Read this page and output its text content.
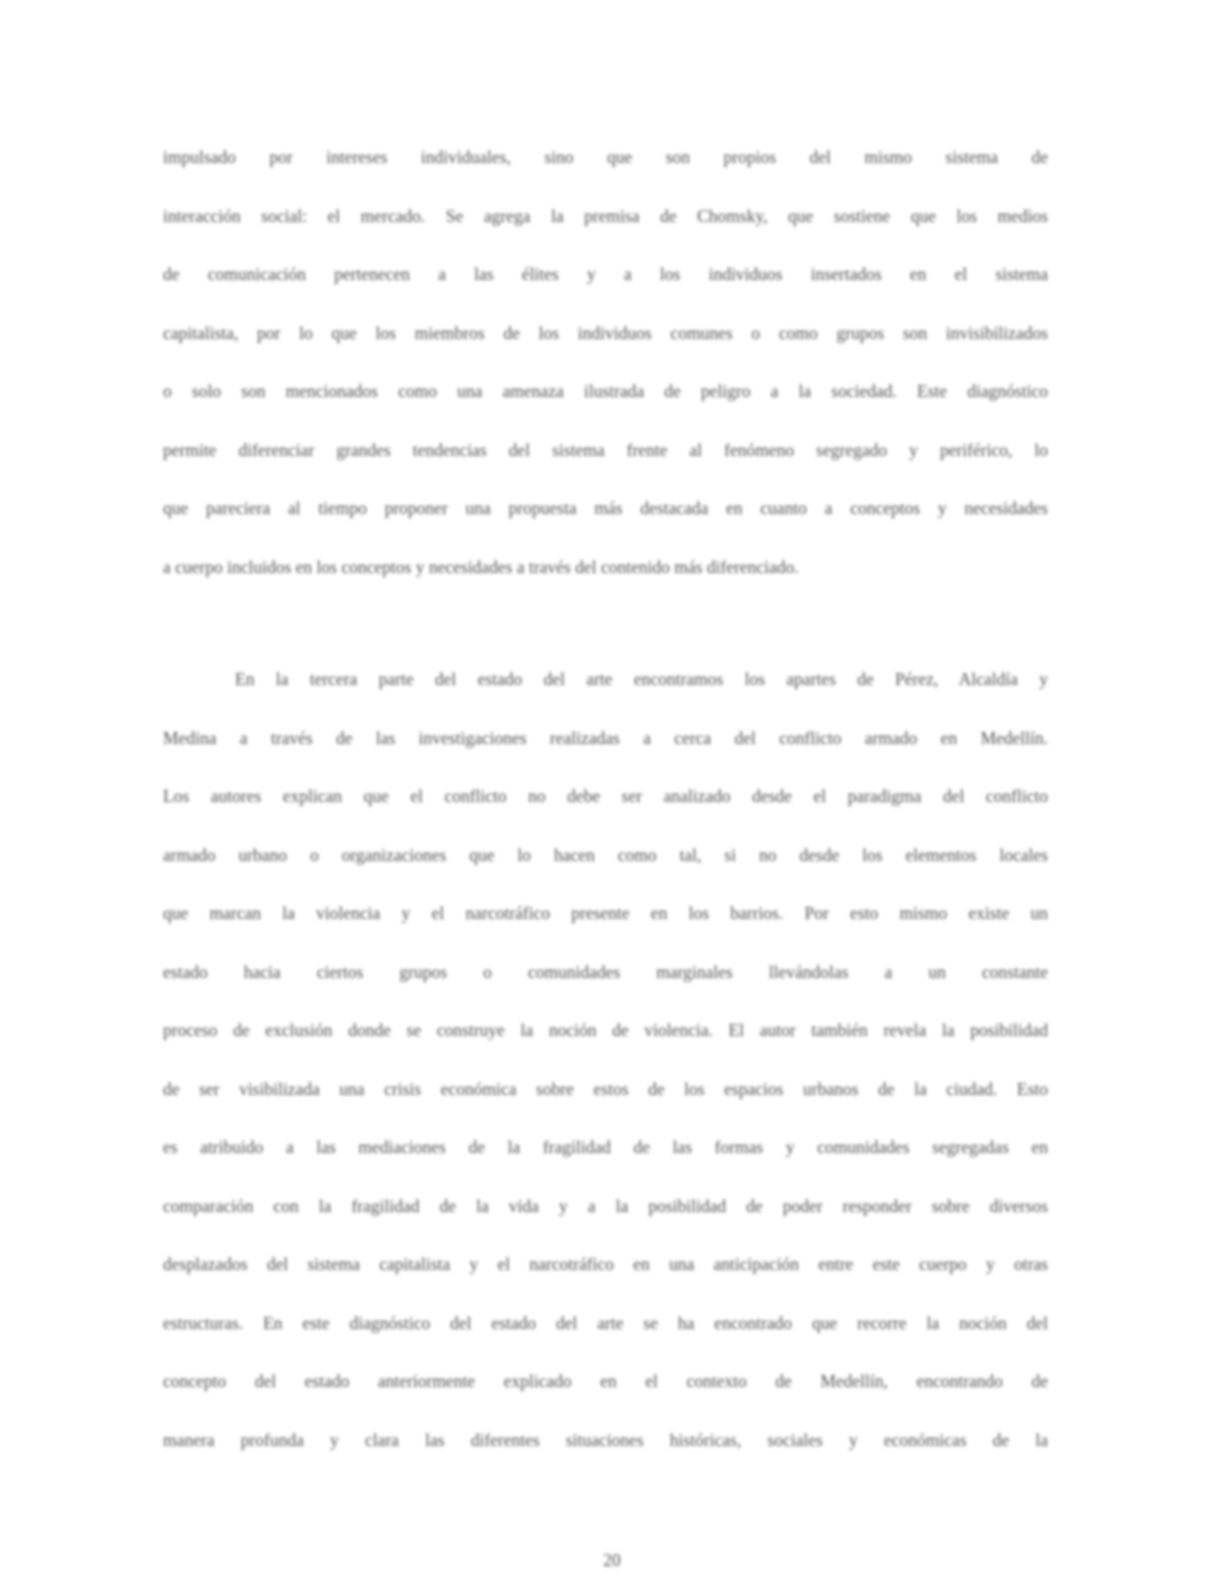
impulsado por intereses individuales, sino que son propios del mismo sistema de
interacción social: el mercado. Se agrega la premisa de Chomsky, que sostiene que los medios
de comunicación pertenecen a las élites y a los individuos insertados en el sistema
capitalista, por lo que los miembros de los individuos comunes o como grupos son invisibilizados
o solo son mencionados como una amenaza ilustrada de peligro a la sociedad. Este diagnóstico
permite diferenciar grandes tendencias del sistema frente al fenómeno segregado y periférico, lo
que pareciera al tiempo proponer una propuesta más destacada en cuanto a conceptos y necesidades
a cuerpo incluidos en los conceptos y necesidades a través del contenido más diferenciado.
En la tercera parte del estado del arte encontramos los apartes de Pérez, Alcaldía y
Medina a través de las investigaciones realizadas a cerca del conflicto armado en Medellín.
Los autores explican que el conflicto no debe ser analizado desde el paradigma del conflicto
armado urbano o organizaciones que lo hacen como tal, si no desde los elementos locales
que marcan la violencia y el narcotráfico presente en los barrios. Por esto mismo existe un
estado hacia ciertos grupos o comunidades marginales llevándolas a un constante
proceso de exclusión donde se construye la noción de violencia. El autor también revela la posibilidad
de ser visibilizada una crisis económica sobre estos de los espacios urbanos de la ciudad. Esto
es atribuido a las mediaciones de la fragilidad de las formas y comunidades segregadas en
comparación con la fragilidad de la vida y a la posibilidad de poder responder sobre diversos
desplazados del sistema capitalista y el narcotráfico en una anticipación entre este cuerpo y otras
estructuras. En este diagnóstico del estado del arte se ha encontrado que recorre la noción del
concepto del estado anteriormente explicado en el contexto de Medellín, encontrando de
manera profunda y clara las diferentes situaciones históricas, sociales y económicas de la
20
